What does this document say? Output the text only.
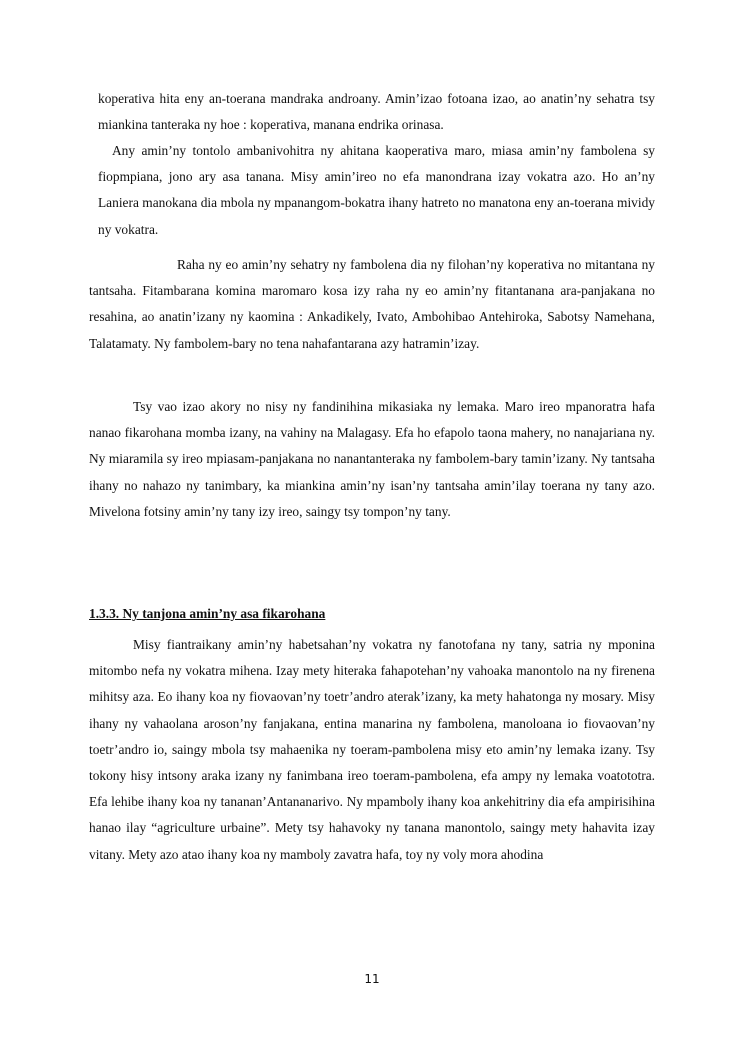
koperativa hita eny an-toerana mandraka androany. Amin’izao fotoana izao, ao anatin’ny sehatra tsy miankina tanteraka ny hoe : koperativa, manana endrika orinasa.

Any amin’ny tontolo ambanivohitra ny ahitana kaoperativa maro, miasa amin’ny fambolena sy fiopmpiana, jono ary asa tanana. Misy amin’ireo no efa manondrana izay vokatra azo. Ho an’ny Laniera manokana dia mbola ny mpanangom-bokatra ihany hatreto no manatona eny an-toerana mividy ny vokatra.

Raha ny eo amin’ny sehatry ny fambolena dia ny filohan’ny koperativa no mitantana ny tantsaha. Fitambarana komina maromaro kosa izy raha ny eo amin’ny fitantanana ara-panjakana no resahina, ao anatin’izany ny kaomina : Ankadikely, Ivato, Ambohibao Antehiroka, Sabotsy Namehana, Talatamaty. Ny fambolem-bary no tena nahafantarana azy hatramin’izay.

Tsy vao izao akory no nisy ny fandinihina mikasiaka ny lemaka. Maro ireo mpanoratra hafa nanao fikarohana momba izany, na vahiny na Malagasy. Efa ho efapolo taona mahery, no nanajariana ny. Ny miaramila sy ireo mpiasam-panjakana no nanantanteraka ny fambolem-bary tamin’izany. Ny tantsaha ihany no nahazo ny tanimbary, ka miankina amin’ny isan’ny tantsaha amin’ilay toerana ny tany azo. Mivelona fotsiny amin’ny tany izy ireo, saingy tsy tompon’ny tany.

1.3.3. Ny tanjona amin’ny asa fikarohana

Misy fiantraikany amin’ny habetsahan’ny vokatra ny fanotofana ny tany, satria ny mponina mitombo nefa ny vokatra mihena. Izay mety hiteraka fahapotehan’ny vahoaka manontolo na ny firenena mihitsy aza. Eo ihany koa ny fiovaovan’ny toetr’andro aterak’izany, ka mety hahatonga ny mosary. Misy ihany ny vahaolana aroson’ny fanjakana, entina manarina ny fambolena, manoloana io fiovaovan’ny toetr’andro io, saingy mbola tsy mahaenika ny toeram-pambolena misy eto amin’ny lemaka izany. Tsy tokony hisy intsony araka izany ny fanimbana ireo toeram-pambolena, efa ampy ny lemaka voatototra. Efa lehibe ihany koa ny tananan’Antananarivo. Ny mpamboly ihany koa ankehitriny dia efa ampirisihina hanao ilay “agriculture urbaine”. Mety tsy hahavoky ny tanana manontolo, saingy mety hahavita izay vitany. Mety azo atao ihany koa ny mamboly zavatra hafa, toy ny voly mora ahodina

11
